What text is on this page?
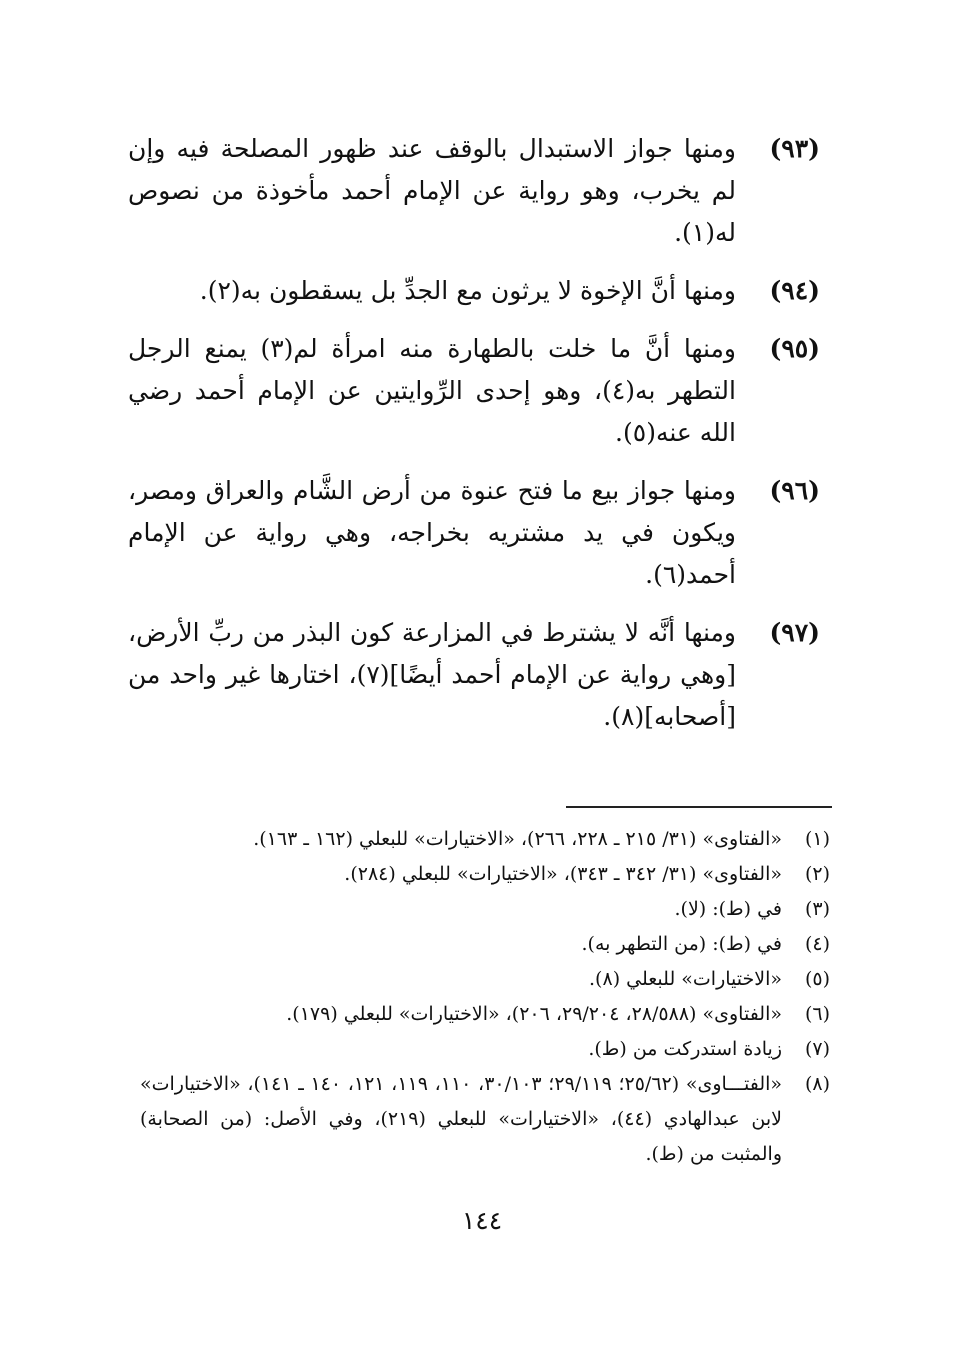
(٩٣)ومنها جواز الاستبدال بالوقف عند ظهور المصلحة فيه وإن لم يخرب، وهو رواية عن الإمام أحمد مأخوذة من نصوص له(١).

(٩٤)ومنها أنَّ الإخوة لا يرثون مع الجدِّ بل يسقطون به(٢).

(٩٥)ومنها أنَّ ما خلت بالطهارة منه امرأة لم(٣) يمنع الرجل التطهر به(٤)، وهو إحدى الرِّوايتين عن الإمام أحمد رضي الله عنه(٥).

(٩٦)ومنها جواز بيع ما فتح عنوة من أرض الشَّام والعراق ومصر، ويكون في يد مشتريه بخراجه، وهي رواية عن الإمام أحمد(٦).

(٩٧)ومنها أنَّه لا يشترط في المزارعة كون البذر من ربِّ الأرض، [وهي رواية عن الإمام أحمد أيضًا](٧)، اختارها غير واحد من [أصحابه](٨).

(١)«الفتاوى» (٣١/ ٢١٥ ـ ٢٢٨، ٢٦٦)، «الاختيارات» للبعلي (١٦٢ ـ ١٦٣).
(٢)«الفتاوى» (٣١/ ٣٤٢ ـ ٣٤٣)، «الاختيارات» للبعلي (٢٨٤).
(٣)في (ط): (لا).
(٤)في (ط): (من التطهر به).
(٥)«الاختيارات» للبعلي (٨).
(٦)«الفتاوى» (٢٨/٥٨٨، ٢٩/٢٠٤، ٢٠٦)، «الاختيارات» للبعلي (١٧٩).
(٧)زيادة استدركت من (ط).
(٨)«الفتـــاوى» (٢٥/٦٢؛ ٢٩/١١٩؛ ٣٠/١٠٣، ١١٠، ١١٩، ١٢١، ١٤٠ ـ ١٤١)، «الاختيارات» لابن عبدالهادي (٤٤)، «الاختيارات» للبعلي (٢١٩)، وفي الأصل: (من الصحابة) والمثبت من (ط).
١٤٤
